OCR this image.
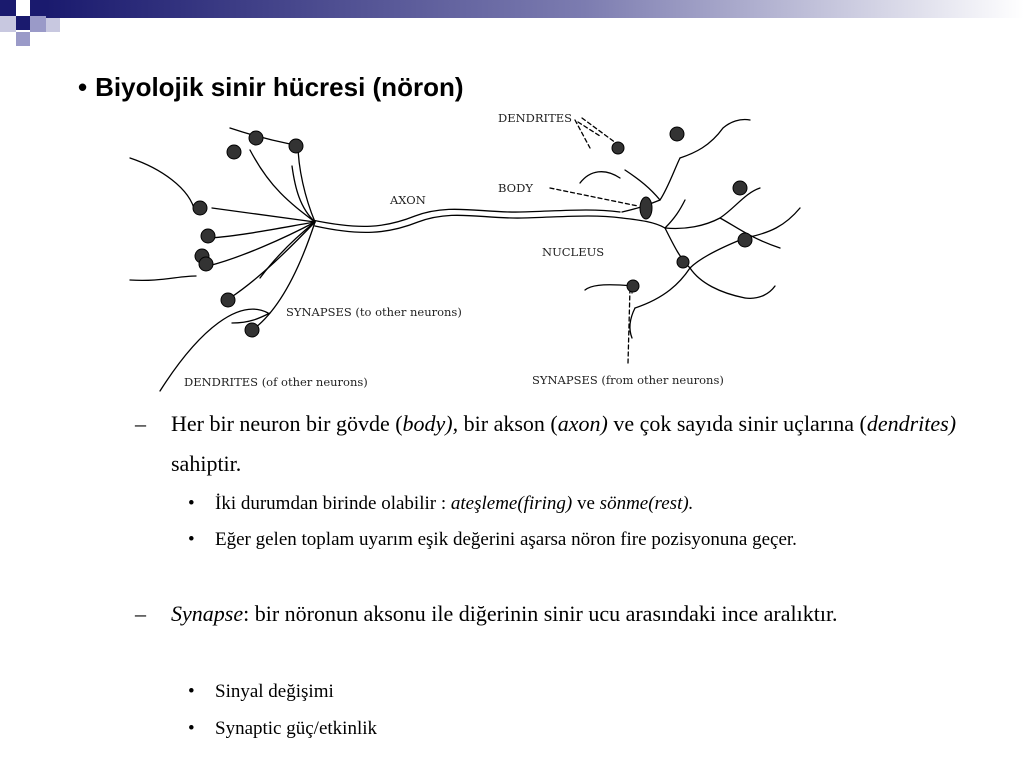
• Biyolojik sinir hücresi (nöron)
DENDRITES
BODY
AXON
NUCLEUS
SYNAPSES (to other neurons)
DENDRITES (of other neurons)	SYNAPSES (from other neurons)
– Her bir neuron bir gövde (body), bir akson (axon) ve çok sayıda sinir uçlarına (dendrites) sahiptir.
• İki durumdan birinde olabilir : ateşleme(firing) ve sönme(rest).
• Eğer gelen toplam uyarım eşik değerini aşarsa nöron fire pozisyonuna geçer.
– Synapse: bir nöronun aksonu ile diğerinin sinir ucu arasındaki ince aralıktır.
• Sinyal değişimi
• Synaptic güç/etkinlik
